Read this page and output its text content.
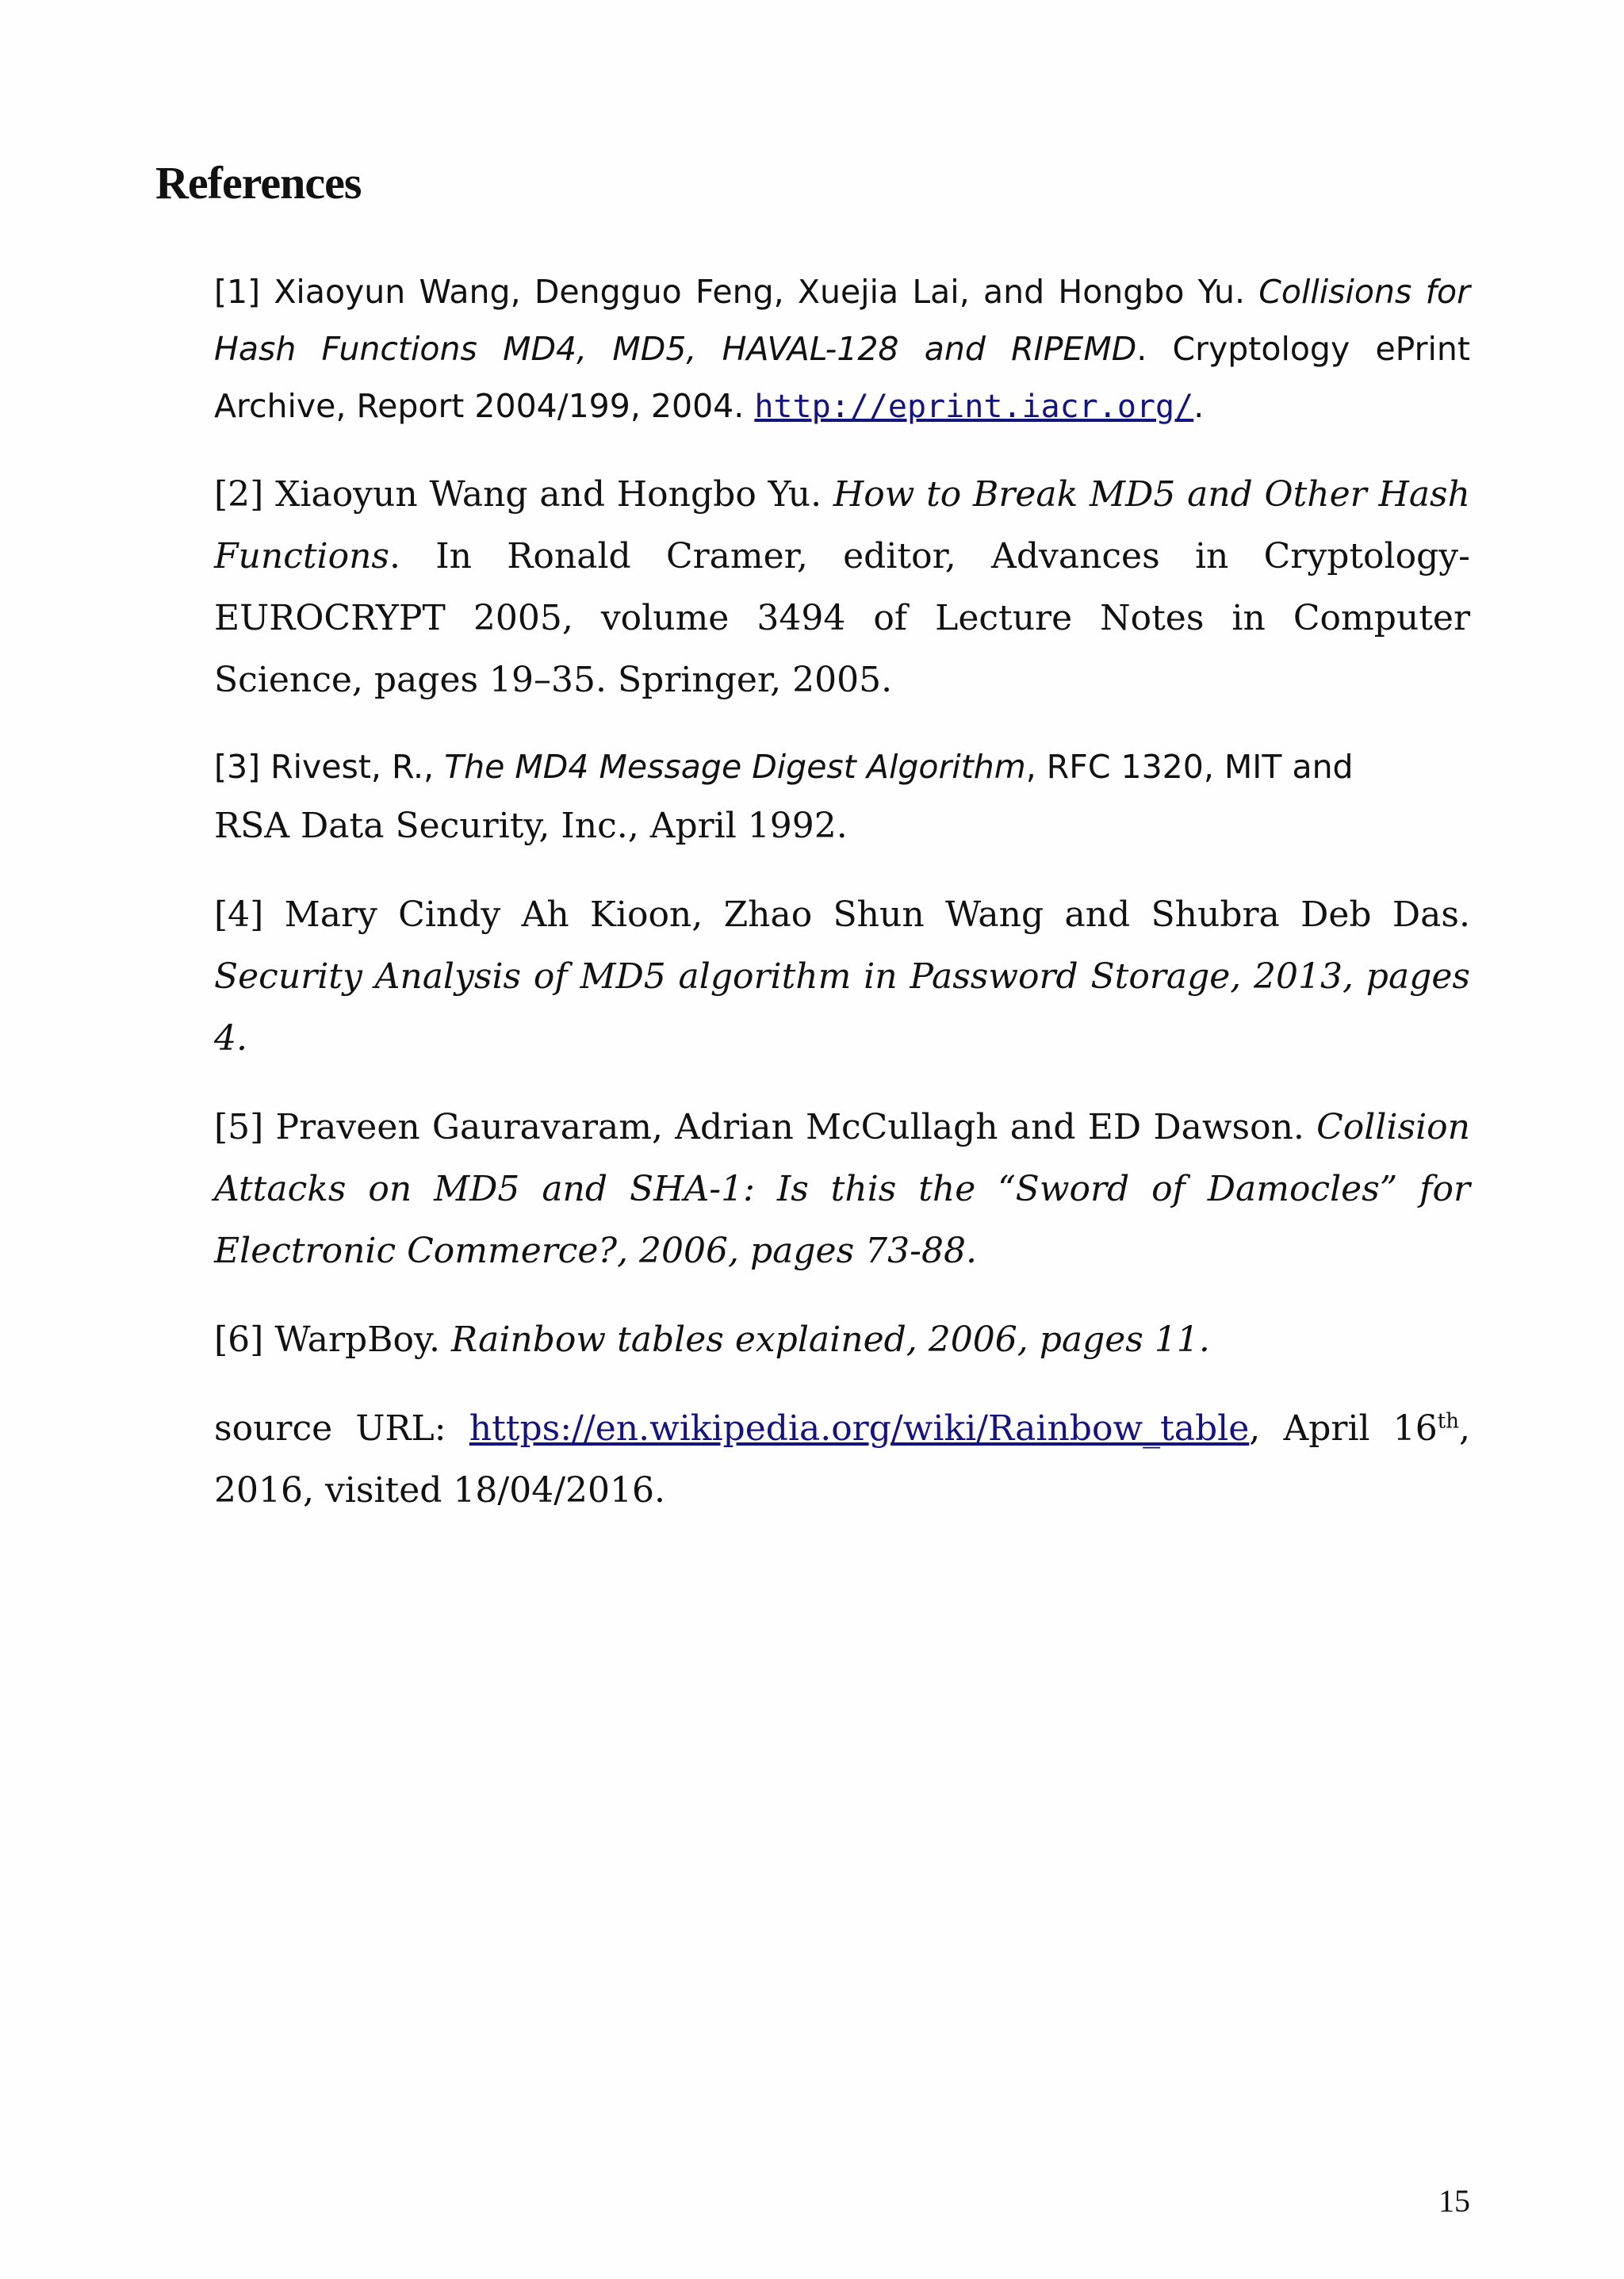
References

[1] Xiaoyun Wang, Dengguo Feng, Xuejia Lai, and Hongbo Yu. Collisions for Hash Functions MD4, MD5, HAVAL-128 and RIPEMD. Cryptology ePrint Archive, Report 2004/199, 2004. http://eprint.iacr.org/.

[2] Xiaoyun Wang and Hongbo Yu. How to Break MD5 and Other Hash Functions. In Ronald Cramer, editor, Advances in Cryptology-EUROCRYPT 2005, volume 3494 of Lecture Notes in Computer Science, pages 19–35. Springer, 2005.

[3] Rivest, R., The MD4 Message Digest Algorithm, RFC 1320, MIT and

RSA Data Security, Inc., April 1992.

[4] Mary Cindy Ah Kioon, Zhao Shun Wang and Shubra Deb Das. Security Analysis of MD5 algorithm in Password Storage, 2013, pages 4.

[5] Praveen Gauravaram, Adrian McCullagh and ED Dawson. Collision Attacks on MD5 and SHA-1: Is this the “Sword of Damocles” for Electronic Commerce?, 2006, pages 73-88.

[6] WarpBoy. Rainbow tables explained, 2006, pages 11.

source URL: https://en.wikipedia.org/wiki/Rainbow_table, April 16th, 2016, visited 18/04/2016.

15
